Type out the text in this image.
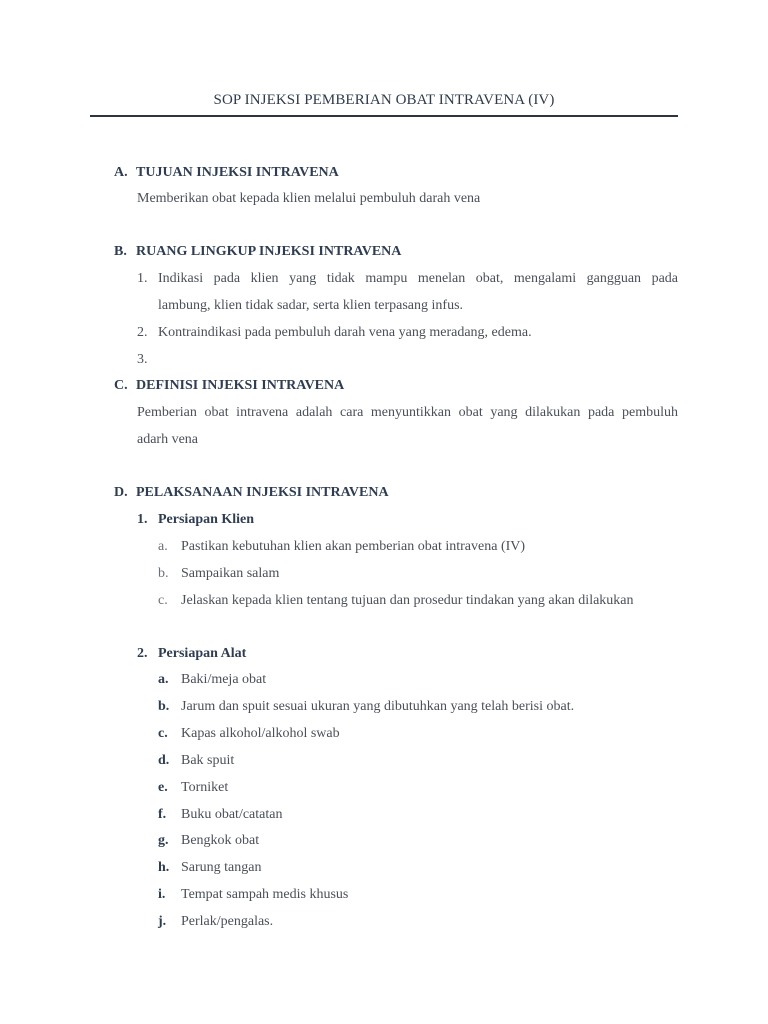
SOP INJEKSI PEMBERIAN OBAT INTRAVENA (IV)
A. TUJUAN INJEKSI INTRAVENA
Memberikan obat kepada klien melalui pembuluh darah vena
B. RUANG LINGKUP INJEKSI INTRAVENA
1. Indikasi pada klien yang tidak mampu menelan obat, mengalami gangguan pada
lambung, klien tidak sadar, serta klien terpasang infus.
2. Kontraindikasi pada pembuluh darah vena yang meradang, edema.
3.
C. DEFINISI INJEKSI INTRAVENA
Pemberian obat intravena adalah cara menyuntikkan obat yang dilakukan pada pembuluh
adarh vena
D. PELAKSANAAN INJEKSI INTRAVENA
1. Persiapan Klien
a. Pastikan kebutuhan klien akan pemberian obat intravena (IV)
b. Sampaikan salam
c. Jelaskan kepada klien tentang tujuan dan prosedur tindakan yang akan dilakukan
2. Persiapan Alat
a. Baki/meja obat
b. Jarum dan spuit sesuai ukuran yang dibutuhkan yang telah berisi obat.
c. Kapas alkohol/alkohol swab
d. Bak spuit
e. Torniket
f. Buku obat/catatan
g. Bengkok obat
h. Sarung tangan
i. Tempat sampah medis khusus
j. Perlak/pengalas.
